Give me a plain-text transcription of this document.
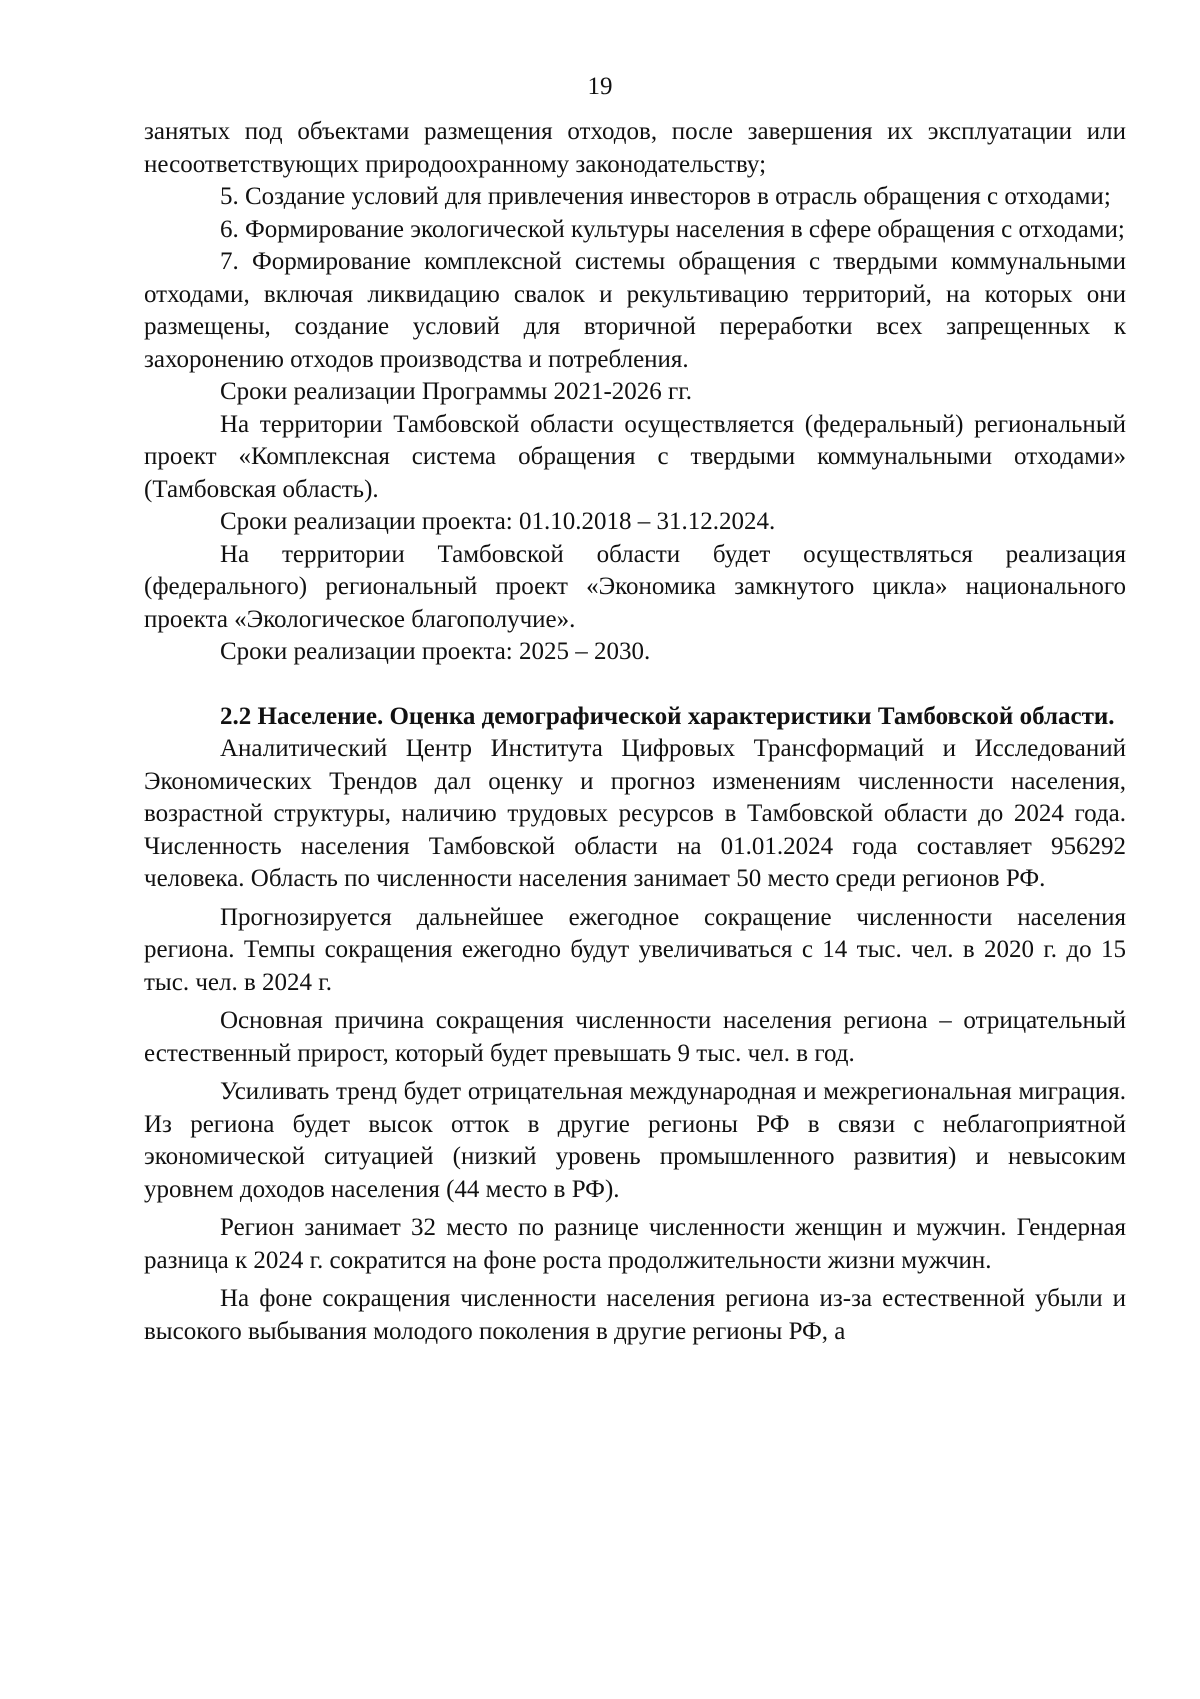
19

занятых под объектами размещения отходов, после завершения их эксплуатации или несоответствующих природоохранному законодательству;

5. Создание условий для привлечения инвесторов в отрасль обращения с отходами;

6. Формирование экологической культуры населения в сфере обращения с отходами;

7. Формирование комплексной системы обращения с твердыми коммунальными отходами, включая ликвидацию свалок и рекультивацию территорий, на которых они размещены, создание условий для вторичной переработки всех запрещенных к захоронению отходов производства и потребления.

Сроки реализации Программы 2021-2026 гг.

На территории Тамбовской области осуществляется (федеральный) региональный проект «Комплексная система обращения с твердыми коммунальными отходами» (Тамбовская область).

Сроки реализации проекта: 01.10.2018 – 31.12.2024.

На территории Тамбовской области будет осуществляться реализация (федерального) региональный проект «Экономика замкнутого цикла» национального проекта «Экологическое благополучие».

Сроки реализации проекта: 2025 – 2030.

2.2 Население. Оценка демографической характеристики Тамбовской области.

Аналитический Центр Института Цифровых Трансформаций и Исследований Экономических Трендов дал оценку и прогноз изменениям численности населения, возрастной структуры, наличию трудовых ресурсов в Тамбовской области до 2024 года. Численность населения Тамбовской области на 01.01.2024 года составляет 956292 человека. Область по численности населения занимает 50 место среди регионов РФ.

Прогнозируется дальнейшее ежегодное сокращение численности населения региона. Темпы сокращения ежегодно будут увеличиваться с 14 тыс. чел. в 2020 г. до 15 тыс. чел. в 2024 г.

Основная причина сокращения численности населения региона – отрицательный естественный прирост, который будет превышать 9 тыс. чел. в год.

Усиливать тренд будет отрицательная международная и межрегиональная миграция. Из региона будет высок отток в другие регионы РФ в связи с неблагоприятной экономической ситуацией (низкий уровень промышленного развития) и невысоким уровнем доходов населения (44 место в РФ).

Регион занимает 32 место по разнице численности женщин и мужчин. Гендерная разница к 2024 г. сократится на фоне роста продолжительности жизни мужчин.

На фоне сокращения численности населения региона из-за естественной убыли и высокого выбывания молодого поколения в другие регионы РФ, а
